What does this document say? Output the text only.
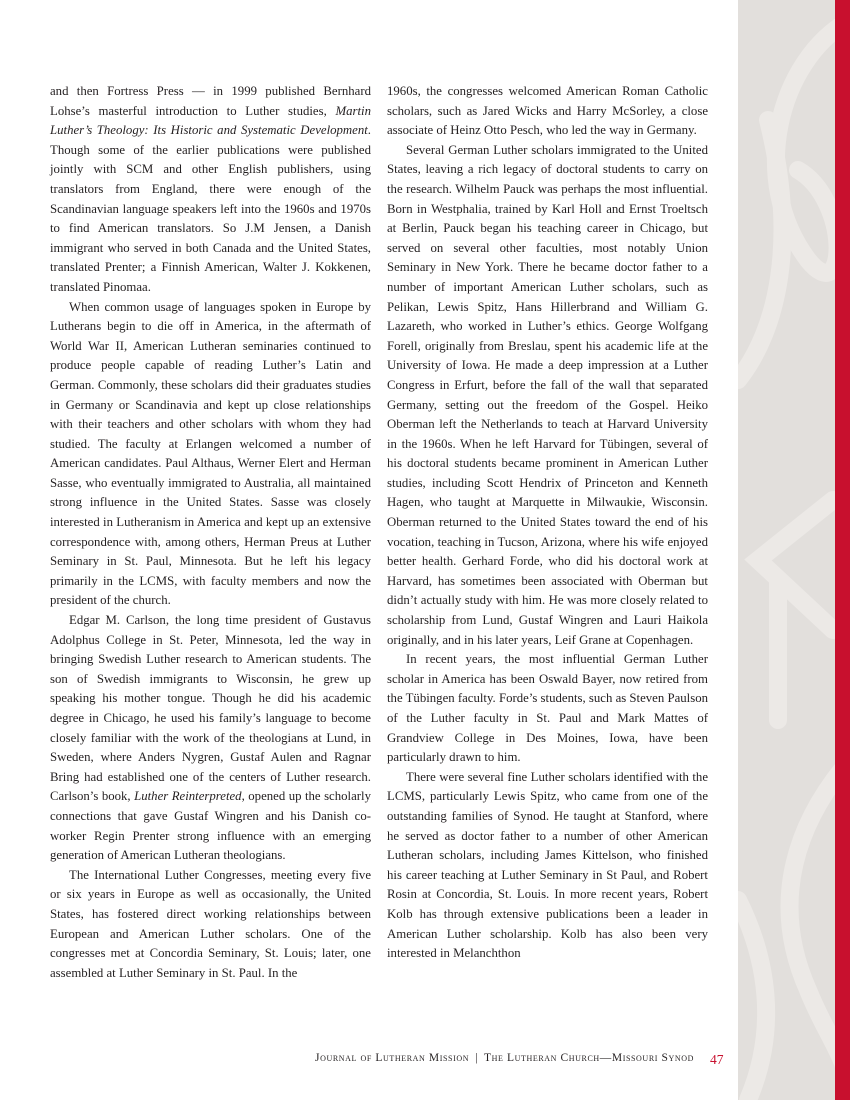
and then Fortress Press — in 1999 published Bernhard Lohse’s masterful introduction to Luther studies, Martin Luther’s Theology: Its Historic and Systematic Development. Though some of the earlier publications were published jointly with SCM and other English publishers, using translators from England, there were enough of the Scandinavian language speakers left into the 1960s and 1970s to find American translators. So J.M Jensen, a Danish immigrant who served in both Canada and the United States, translated Prenter; a Finnish American, Walter J. Kokkenen, translated Pinomaa.

When common usage of languages spoken in Europe by Lutherans begin to die off in America, in the aftermath of World War II, American Lutheran seminaries continued to produce people capable of reading Luther’s Latin and German. Commonly, these scholars did their graduates studies in Germany or Scandinavia and kept up close relationships with their teachers and other scholars with whom they had studied. The faculty at Erlangen welcomed a number of American candidates. Paul Althaus, Werner Elert and Herman Sasse, who eventually immigrated to Australia, all maintained strong influence in the United States. Sasse was closely interested in Lutheranism in America and kept up an extensive correspondence with, among others, Herman Preus at Luther Seminary in St. Paul, Minnesota. But he left his legacy primarily in the LCMS, with faculty members and now the president of the church.

Edgar M. Carlson, the long time president of Gustavus Adolphus College in St. Peter, Minnesota, led the way in bringing Swedish Luther research to American students. The son of Swedish immigrants to Wisconsin, he grew up speaking his mother tongue. Though he did his academic degree in Chicago, he used his family’s language to become closely familiar with the work of the theologians at Lund, in Sweden, where Anders Nygren, Gustaf Aulen and Ragnar Bring had established one of the centers of Luther research. Carlson’s book, Luther Reinterpreted, opened up the scholarly connections that gave Gustaf Wingren and his Danish co-worker Regin Prenter strong influence with an emerging generation of American Lutheran theologians.

The International Luther Congresses, meeting every five or six years in Europe as well as occasionally, the United States, has fostered direct working relationships between European and American Luther scholars. One of the congresses met at Concordia Seminary, St. Louis; later, one assembled at Luther Seminary in St. Paul. In the

1960s, the congresses welcomed American Roman Catholic scholars, such as Jared Wicks and Harry McSorley, a close associate of Heinz Otto Pesch, who led the way in Germany.

Several German Luther scholars immigrated to the United States, leaving a rich legacy of doctoral students to carry on the research. Wilhelm Pauck was perhaps the most influential. Born in Westphalia, trained by Karl Holl and Ernst Troeltsch at Berlin, Pauck began his teaching career in Chicago, but served on several other faculties, most notably Union Seminary in New York. There he became doctor father to a number of important American Luther scholars, such as Pelikan, Lewis Spitz, Hans Hillerbrand and William G. Lazareth, who worked in Luther’s ethics. George Wolfgang Forell, originally from Breslau, spent his academic life at the University of Iowa. He made a deep impression at a Luther Congress in Erfurt, before the fall of the wall that separated Germany, setting out the freedom of the Gospel. Heiko Oberman left the Netherlands to teach at Harvard University in the 1960s. When he left Harvard for Tübingen, several of his doctoral students became prominent in American Luther studies, including Scott Hendrix of Princeton and Kenneth Hagen, who taught at Marquette in Milwaukie, Wisconsin. Oberman returned to the United States toward the end of his vocation, teaching in Tucson, Arizona, where his wife enjoyed better health. Gerhard Forde, who did his doctoral work at Harvard, has sometimes been associated with Oberman but didn’t actually study with him. He was more closely related to scholarship from Lund, Gustaf Wingren and Lauri Haikola originally, and in his later years, Leif Grane at Copenhagen.

In recent years, the most influential German Luther scholar in America has been Oswald Bayer, now retired from the Tübingen faculty. Forde’s students, such as Steven Paulson of the Luther faculty in St. Paul and Mark Mattes of Grandview College in Des Moines, Iowa, have been particularly drawn to him.

There were several fine Luther scholars identified with the LCMS, particularly Lewis Spitz, who came from one of the outstanding families of Synod. He taught at Stanford, where he served as doctor father to a number of other American Lutheran scholars, including James Kittelson, who finished his career teaching at Luther Seminary in St Paul, and Robert Rosin at Concordia, St. Louis. In more recent years, Robert Kolb has through extensive publications been a leader in American Luther scholarship. Kolb has also been very interested in Melanchthon

Journal of Lutheran Mission | The Lutheran Church—Missouri Synod 47
